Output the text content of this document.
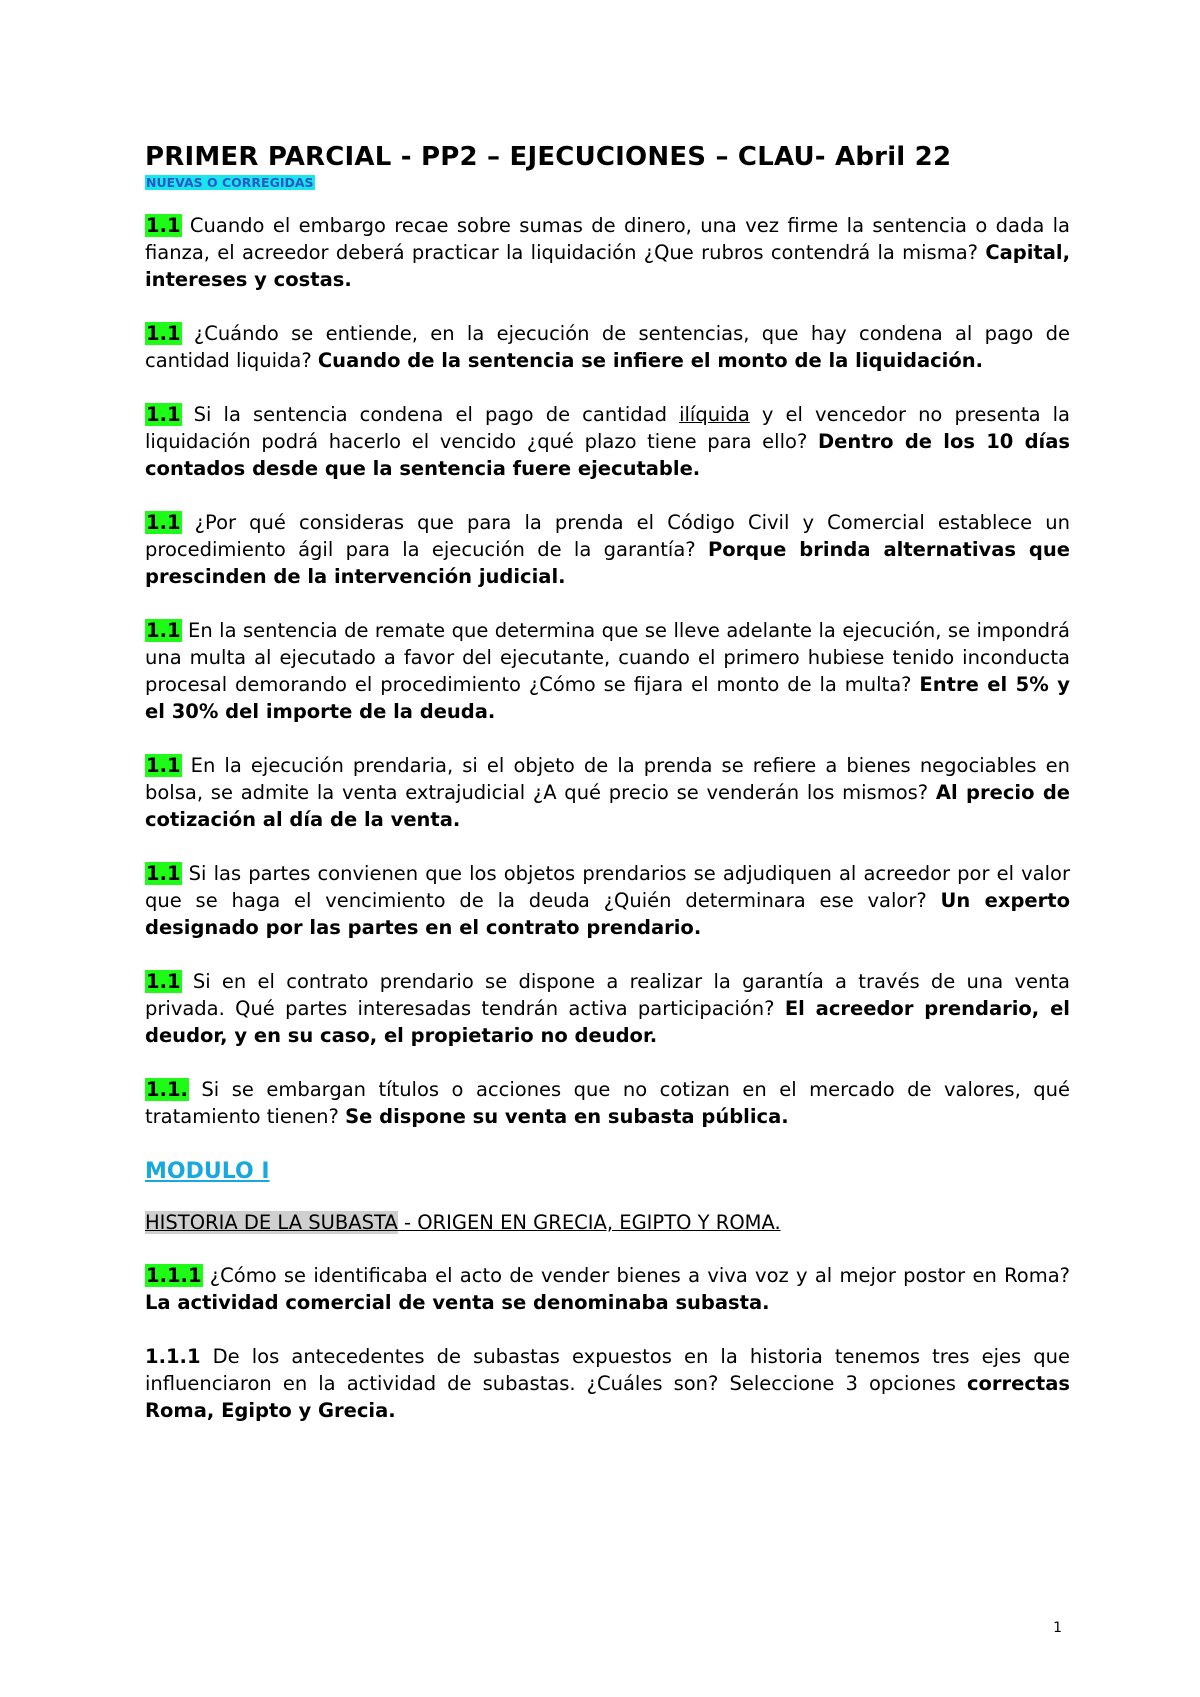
PRIMER PARCIAL - PP2 – EJECUCIONES – CLAU- Abril 22
NUEVAS O CORREGIDAS

1.1 Cuando el embargo recae sobre sumas de dinero, una vez firme la sentencia o dada la fianza, el acreedor deberá practicar la liquidación ¿Que rubros contendrá la misma? Capital, intereses y costas.

1.1 ¿Cuándo se entiende, en la ejecución de sentencias, que hay condena al pago de cantidad liquida? Cuando de la sentencia se infiere el monto de la liquidación.

1.1 Si la sentencia condena el pago de cantidad ilíquida y el vencedor no presenta la liquidación podrá hacerlo el vencido ¿qué plazo tiene para ello? Dentro de los 10 días contados desde que la sentencia fuere ejecutable.

1.1 ¿Por qué consideras que para la prenda el Código Civil y Comercial establece un procedimiento ágil para la ejecución de la garantía? Porque brinda alternativas que prescinden de la intervención judicial.

1.1 En la sentencia de remate que determina que se lleve adelante la ejecución, se impondrá una multa al ejecutado a favor del ejecutante, cuando el primero hubiese tenido inconducta procesal demorando el procedimiento ¿Cómo se fijara el monto de la multa? Entre el 5% y el 30% del importe de la deuda.

1.1 En la ejecución prendaria, si el objeto de la prenda se refiere a bienes negociables en bolsa, se admite la venta extrajudicial ¿A qué precio se venderán los mismos? Al precio de cotización al día de la venta.

1.1 Si las partes convienen que los objetos prendarios se adjudiquen al acreedor por el valor que se haga el vencimiento de la deuda ¿Quién determinara ese valor? Un experto designado por las partes en el contrato prendario.

1.1 Si en el contrato prendario se dispone a realizar la garantía a través de una venta privada. Qué partes interesadas tendrán activa participación? El acreedor prendario, el deudor, y en su caso, el propietario no deudor.

1.1. Si se embargan títulos o acciones que no cotizan en el mercado de valores, qué tratamiento tienen? Se dispone su venta en subasta pública.

MODULO I
HISTORIA DE LA SUBASTA - ORIGEN EN GRECIA, EGIPTO Y ROMA.

1.1.1 ¿Cómo se identificaba el acto de vender bienes a viva voz y al mejor postor en Roma? La actividad comercial de venta se denominaba subasta.

1.1.1 De los antecedentes de subastas expuestos en la historia tenemos tres ejes que influenciaron en la actividad de subastas. ¿Cuáles son? Seleccione 3 opciones correctas Roma, Egipto y Grecia.

1
